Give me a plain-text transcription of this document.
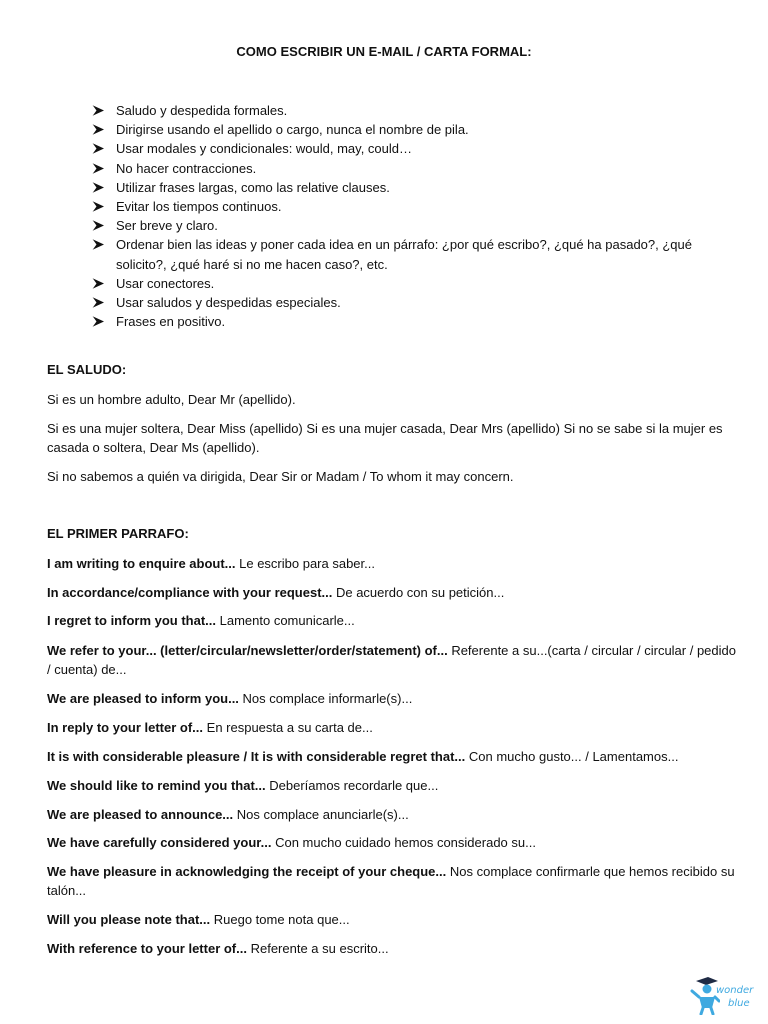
COMO ESCRIBIR UN E-MAIL / CARTA FORMAL:
Saludo y despedida formales.
Dirigirse usando el apellido o cargo, nunca el nombre de pila.
Usar modales y condicionales: would, may, could…
No hacer contracciones.
Utilizar frases largas, como las relative clauses.
Evitar los tiempos continuos.
Ser breve y claro.
Ordenar bien las ideas y poner cada idea en un párrafo: ¿por qué escribo?, ¿qué ha pasado?, ¿qué solicito?, ¿qué haré si no me hacen caso?, etc.
Usar conectores.
Usar saludos y despedidas especiales.
Frases en positivo.
EL SALUDO:

Si es un hombre adulto, Dear Mr (apellido).

Si es una mujer soltera, Dear Miss (apellido) Si es una mujer casada, Dear Mrs (apellido) Si no se sabe si la mujer es casada o soltera, Dear Ms (apellido).

Si no sabemos a quién va dirigida, Dear Sir or Madam / To whom it may concern.

EL PRIMER PARRAFO:

I am writing to enquire about... Le escribo para saber...

In accordance/compliance with your request... De acuerdo con su petición...

I regret to inform you that... Lamento comunicarle...

We refer to your... (letter/circular/newsletter/order/statement) of... Referente a su...(carta / circular / circular / pedido / cuenta) de...

We are pleased to inform you... Nos complace informarle(s)...

In reply to your letter of... En respuesta a su carta de...

It is with considerable pleasure / It is with considerable regret that... Con mucho gusto... / Lamentamos...

We should like to remind you that... Deberíamos recordarle que...

We are pleased to announce... Nos complace anunciarle(s)...

We have carefully considered your... Con mucho cuidado hemos considerado su...

We have pleasure in acknowledging the receipt of your cheque... Nos complace confirmarle que hemos recibido su talón...

Will you please note that... Ruego tome nota que...

With reference to your letter of... Referente a su escrito...

wonder
blue
